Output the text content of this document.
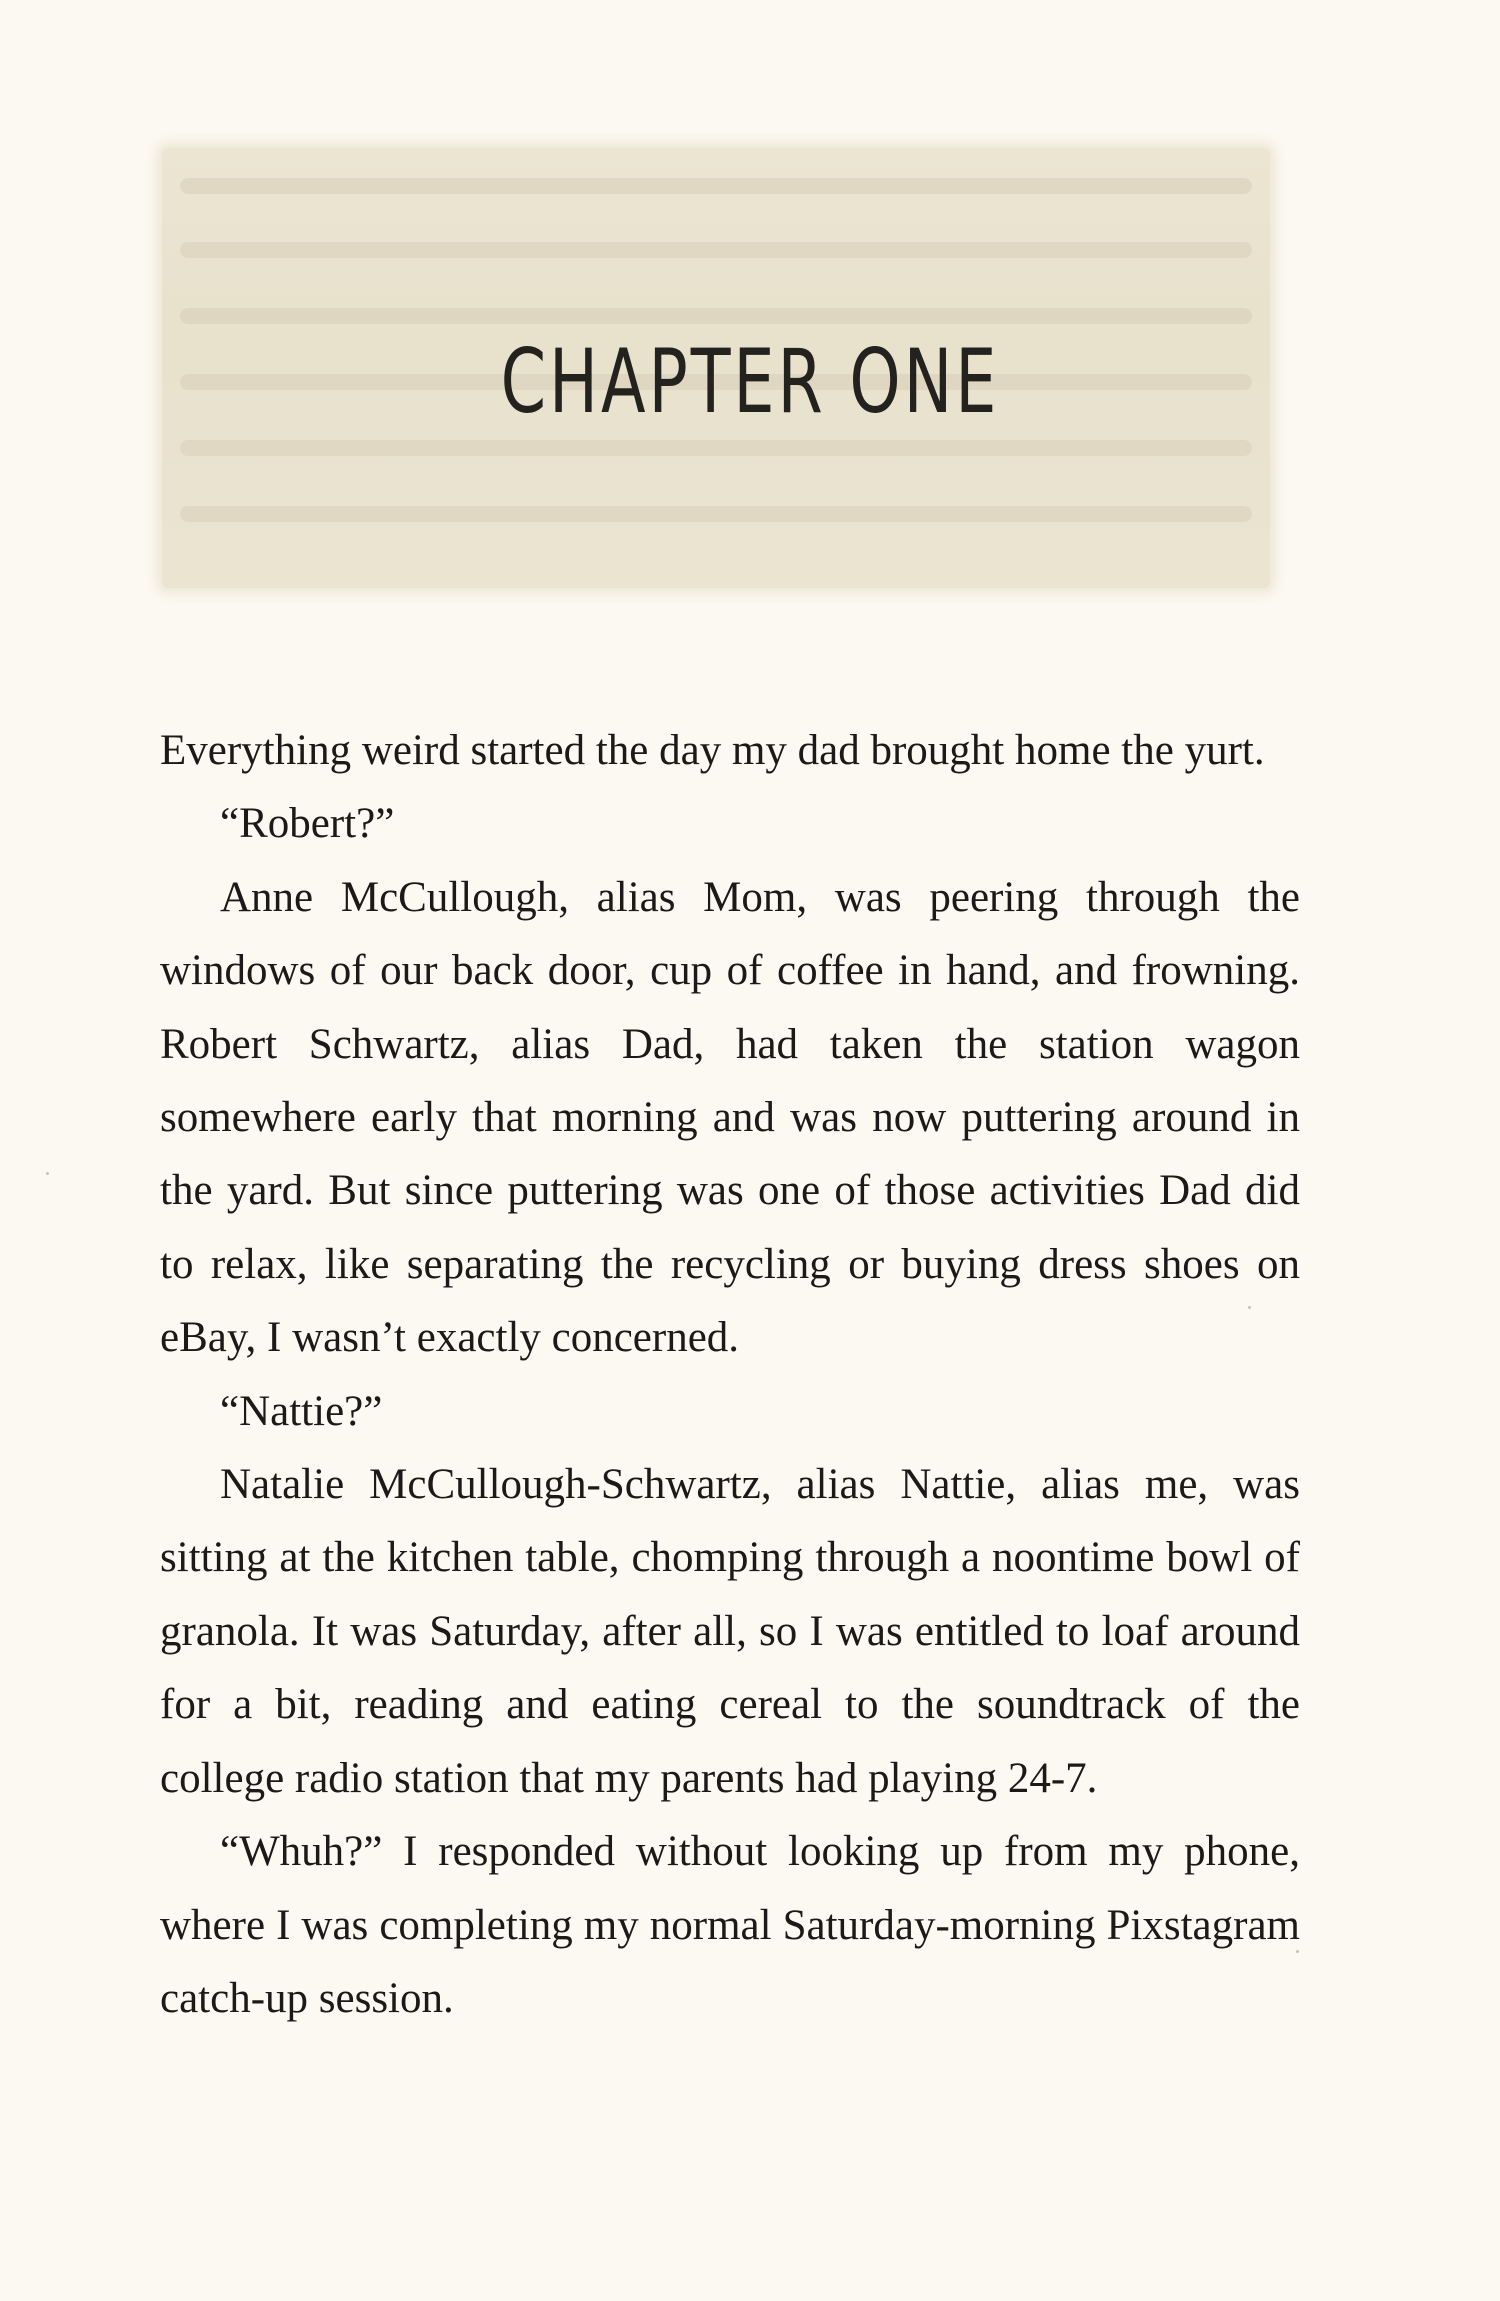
CHAPTER ONE

Everything weird started the day my dad brought home the yurt.

“Robert?”

Anne McCullough, alias Mom, was peering through the windows of our back door, cup of coffee in hand, and frowning. Robert Schwartz, alias Dad, had taken the station wagon somewhere early that morning and was now puttering around in the yard. But since puttering was one of those activities Dad did to relax, like separating the recycling or buying dress shoes on eBay, I wasn’t exactly concerned.

“Nattie?”

Natalie McCullough-Schwartz, alias Nattie, alias me, was sitting at the kitchen table, chomping through a noontime bowl of granola. It was Saturday, after all, so I was entitled to loaf around for a bit, reading and eating cereal to the soundtrack of the college radio station that my parents had playing 24-7.

“Whuh?” I responded without looking up from my phone, where I was completing my normal Saturday-morning Pixstagram catch-up session.
